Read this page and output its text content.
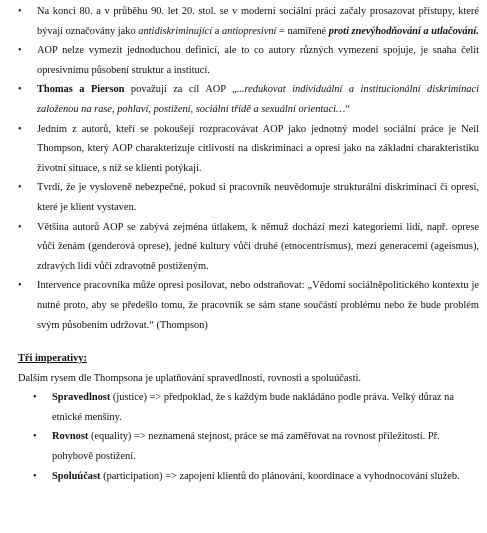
• Na konci 80. a v průběhu 90. let 20. stol. se v moderní sociální práci začaly prosazovat přístupy, které bývají označovány jako antidiskriminující a antiopresivní = namířené proti znevýhodňování a utlačování.
• AOP nelze vymezit jednoduchou definicí, ale to co autory různých vymezení spojuje, je snaha čelit opresivnímu působení struktur a institucí.
• Thomas a Pierson považují za cíl AOP „...redukovat individuální a institucionální diskriminaci založenou na rase, pohlaví, postižení, sociální třídě a sexuální orientaci…“
• Jedním z autorů, kteří se pokoušejí rozpracovávat AOP jako jednotný model sociální práce je Neil Thompson, který AOP charakterizuje citlivostí na diskriminaci a opresi jako na základní charakteristiku životní situace, s níž se klienti potýkají.
• Tvrdí, že je vysloveně nebezpečné, pokud si pracovník neuvědomuje strukturální diskriminaci či opresi, které je klient vystaven.
• Většina autorů AOP se zabývá zejména útlakem, k němuž dochází mezi kategoriemi lidí, např. oprese vůči ženám (genderová oprese), jedné kultury vůči druhé (etnocentrismus), mezi generacemi (ageismus), zdravých lidí vůči zdravotně postiženým.
• Intervence pracovníka může opresi posilovat, nebo odstraňovat: „Vědomí sociálněpolitického kontextu je nutné proto, aby se předešlo tomu, že pracovník se sám stane součástí problému nebo že bude problém svým působením udržovat.“ (Thompson)
Tři imperativy:
Dalším rysem dle Thompsona je uplatňování spravedlnosti, rovnosti a spoluúčasti.
• Spravedlnost (justice) => předpoklad, že s každým bude nakládáno podle práva. Velký důraz na etnické menšiny.
• Rovnost (equality) => neznamená stejnost, práce se má zaměřovat na rovnost příležitostí. Př. pohybově postižení.
• Spoluúčast (participation) => zapojení klientů do plánování, koordinace a vyhodnocování služeb.
